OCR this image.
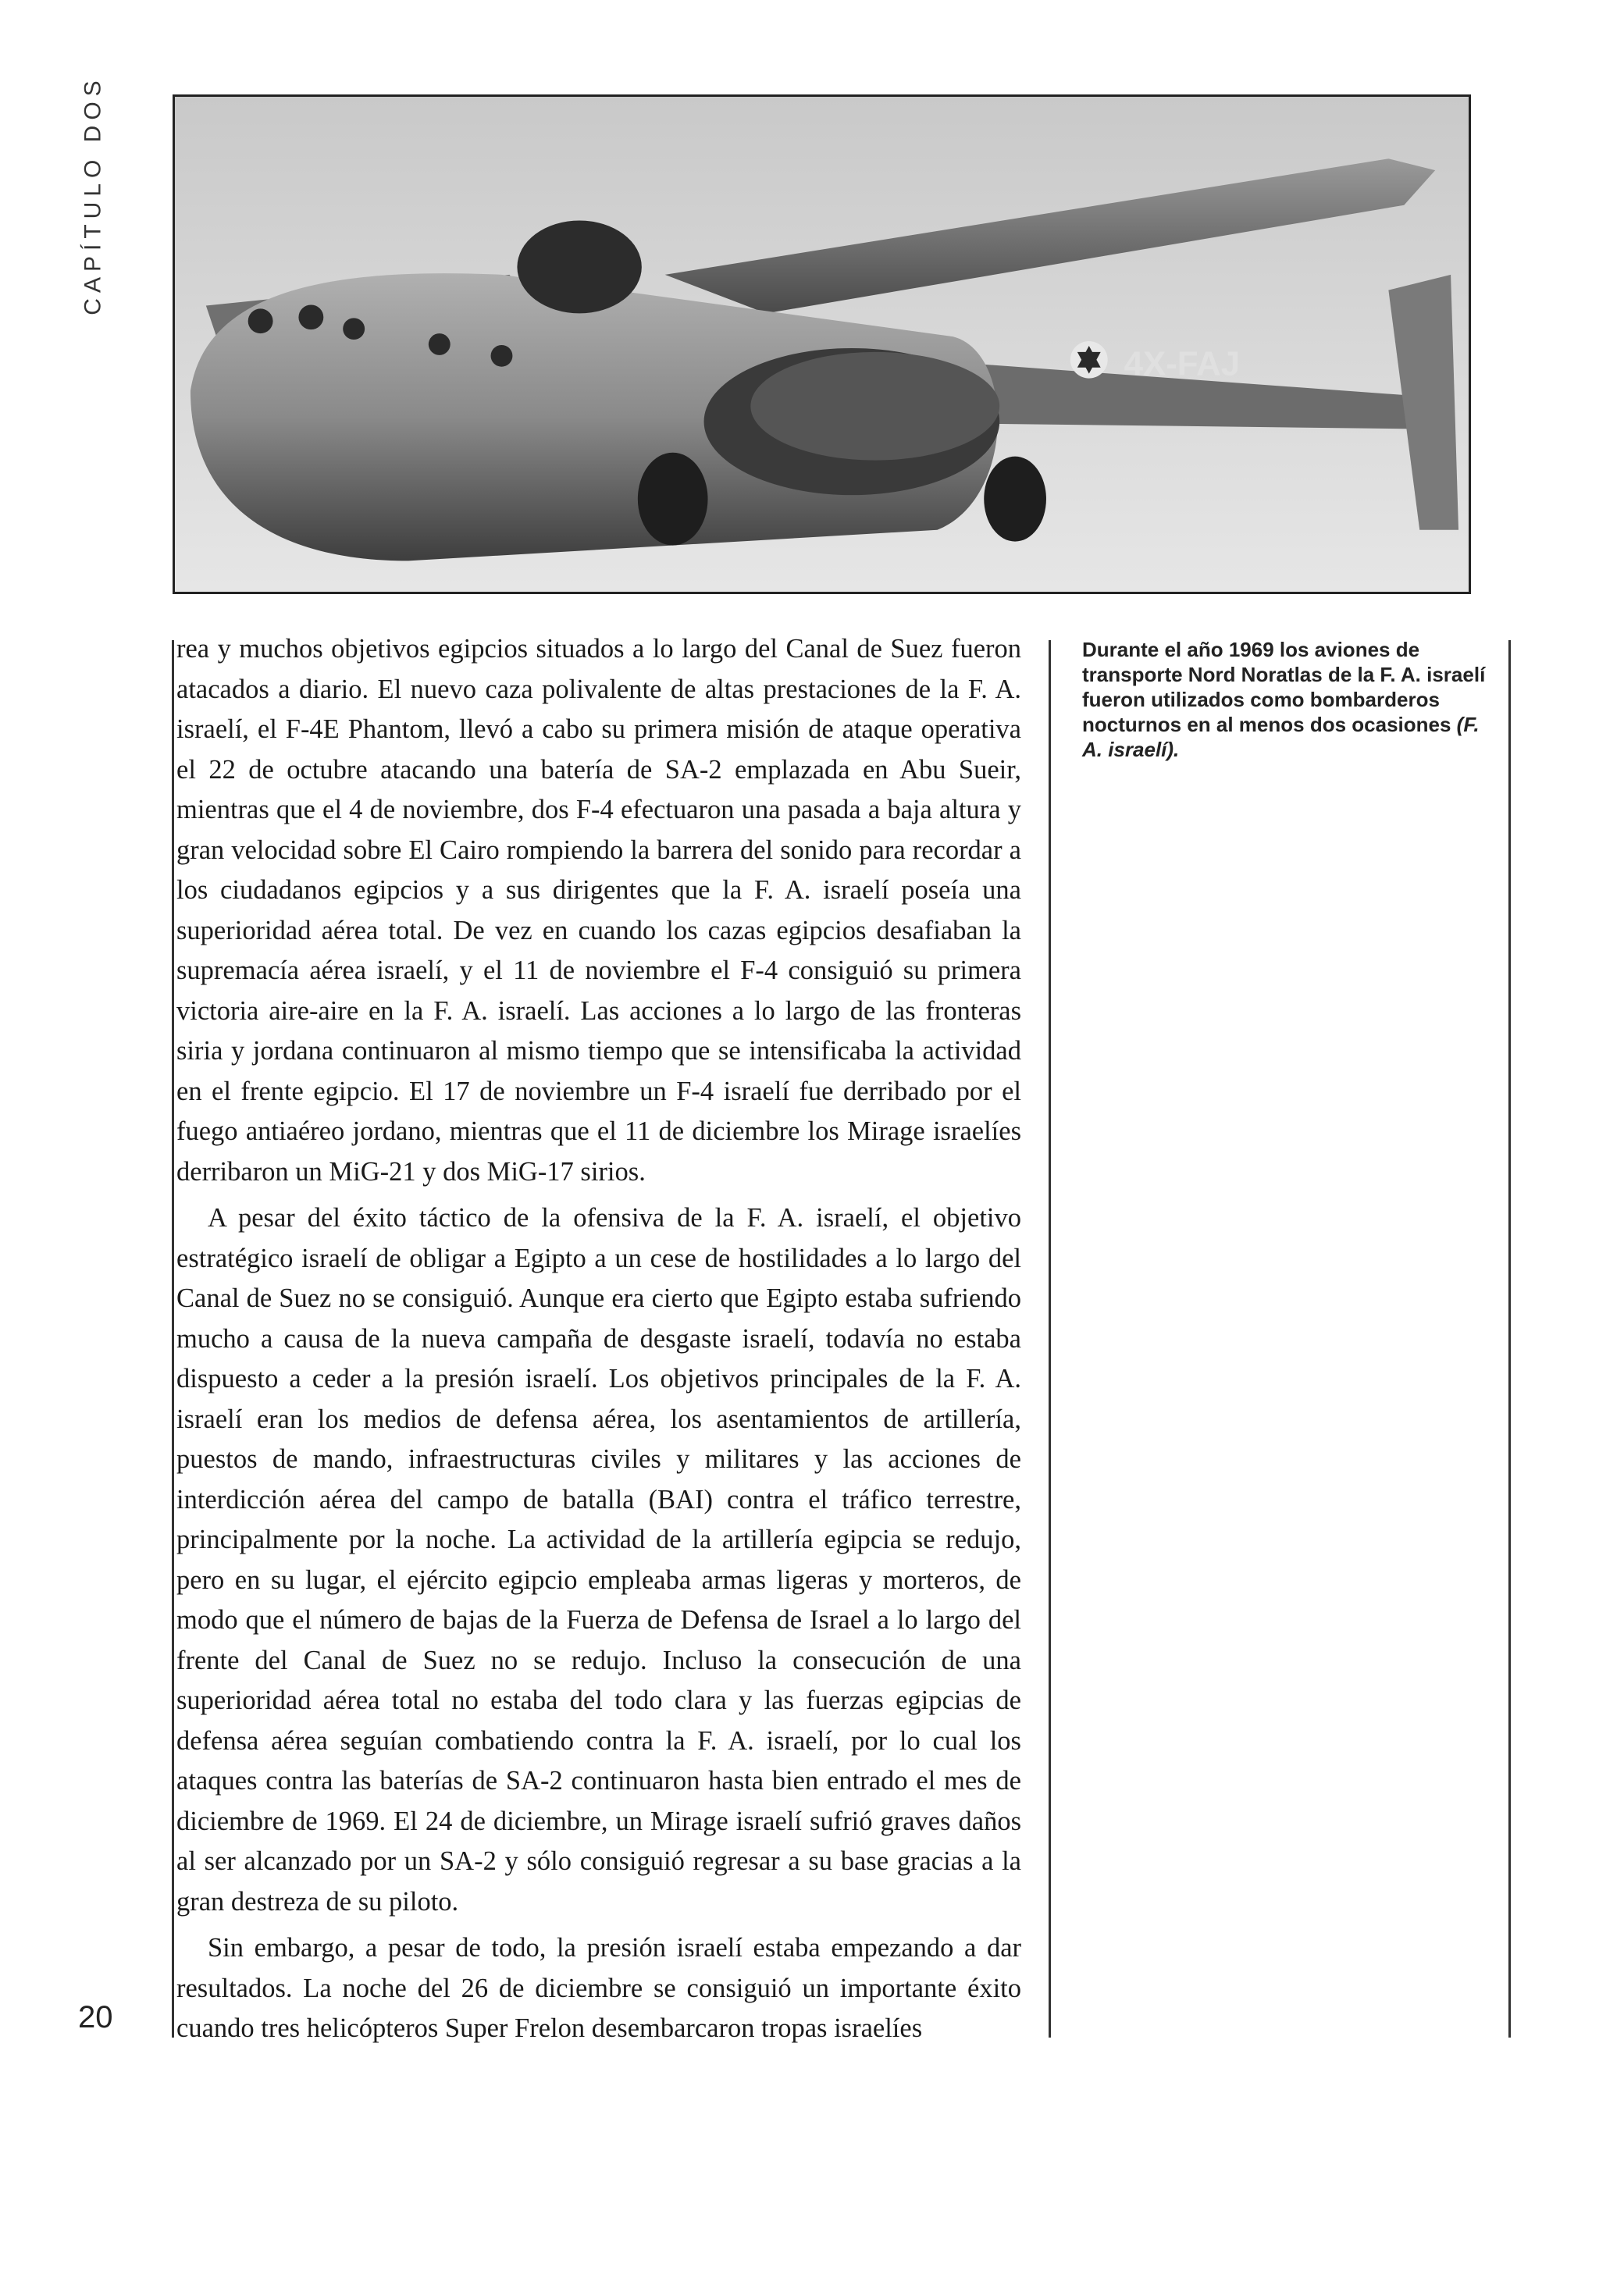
CAPÍTULO DOS
4X-FAJ

rea y muchos objetivos egipcios situados a lo largo del Canal de Suez fueron atacados a diario. El nuevo caza polivalente de altas prestaciones de la F. A. israelí, el F-4E Phantom, llevó a cabo su primera misión de ataque operativa el 22 de octubre atacando una batería de SA-2 emplazada en Abu Sueir, mientras que el 4 de noviembre, dos F-4 efectuaron una pasada a baja altura y gran velocidad sobre El Cairo rompiendo la barrera del sonido para recordar a los ciudadanos egipcios y a sus dirigentes que la F. A. israelí poseía una superioridad aérea total. De vez en cuando los cazas egipcios desafiaban la supremacía aérea israelí, y el 11 de noviembre el F-4 consiguió su primera victoria aire-aire en la F. A. israelí. Las acciones a lo largo de las fronteras siria y jordana continuaron al mismo tiempo que se intensificaba la actividad en el frente egipcio. El 17 de noviembre un F-4 israelí fue derribado por el fuego antiaéreo jordano, mientras que el 11 de diciembre los Mirage israelíes derribaron un MiG-21 y dos MiG-17 sirios.

A pesar del éxito táctico de la ofensiva de la F. A. israelí, el objetivo estratégico israelí de obligar a Egipto a un cese de hostilidades a lo largo del Canal de Suez no se consiguió. Aunque era cierto que Egipto estaba sufriendo mucho a causa de la nueva campaña de desgaste israelí, todavía no estaba dispuesto a ceder a la presión israelí. Los objetivos principales de la F. A. israelí eran los medios de defensa aérea, los asentamientos de artillería, puestos de mando, infraestructuras civiles y militares y las acciones de interdicción aérea del campo de batalla (BAI) contra el tráfico terrestre, principalmente por la noche. La actividad de la artillería egipcia se redujo, pero en su lugar, el ejército egipcio empleaba armas ligeras y morteros, de modo que el número de bajas de la Fuerza de Defensa de Israel a lo largo del frente del Canal de Suez no se redujo. Incluso la consecución de una superioridad aérea total no estaba del todo clara y las fuerzas egipcias de defensa aérea seguían combatiendo contra la F. A. israelí, por lo cual los ataques contra las baterías de SA-2 continuaron hasta bien entrado el mes de diciembre de 1969. El 24 de diciembre, un Mirage israelí sufrió graves daños al ser alcanzado por un SA-2 y sólo consiguió regresar a su base gracias a la gran destreza de su piloto.

Sin embargo, a pesar de todo, la presión israelí estaba empezando a dar resultados. La noche del 26 de diciembre se consiguió un importante éxito cuando tres helicópteros Super Frelon desembarcaron tropas israelíes

Durante el año 1969 los aviones de transporte Nord Noratlas de la F. A. israelí fueron utilizados como bombarderos nocturnos en al menos dos ocasiones (F. A. israelí).
20
